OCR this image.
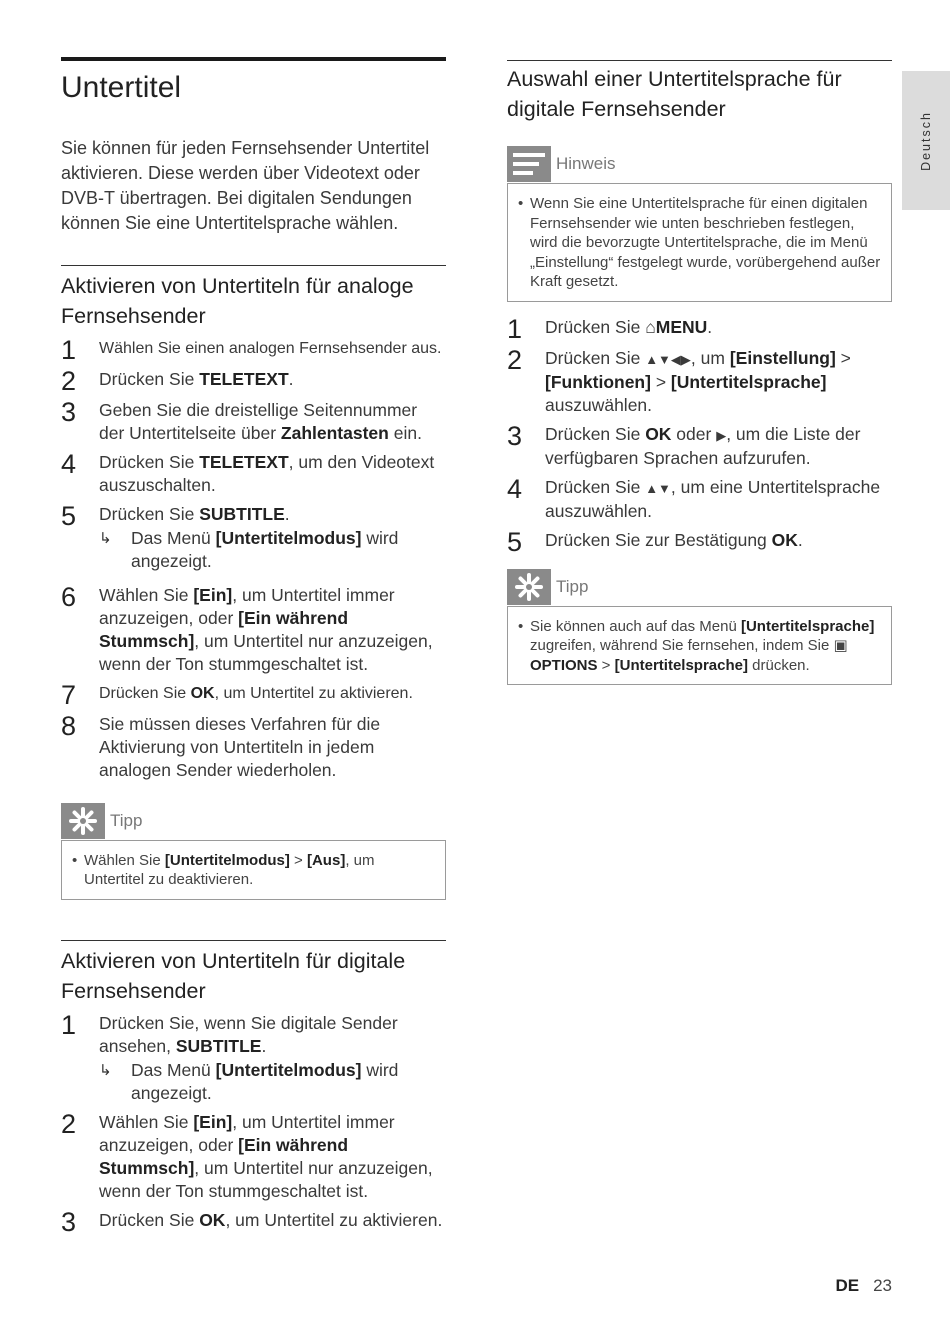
Untertitel

Sie können für jeden Fernsehsender Untertitel aktivieren. Diese werden über Videotext oder DVB-T übertragen. Bei digitalen Sendungen können Sie eine Untertitelsprache wählen.

Aktivieren von Untertiteln für analoge Fernsehsender
1	Wählen Sie einen analogen Fernsehsender aus.
2	Drücken Sie TELETEXT.
3	Geben Sie die dreistellige Seitennummer der Untertitelseite über Zahlentasten ein.
4	Drücken Sie TELETEXT, um den Videotext auszuschalten.
5	Drücken Sie SUBTITLE.
↳	Das Menü [Untertitelmodus] wird angezeigt.
6	Wählen Sie [Ein], um Untertitel immer anzuzeigen, oder [Ein während Stummsch], um Untertitel nur anzuzeigen, wenn der Ton stummgeschaltet ist.
7	Drücken Sie OK, um Untertitel zu aktivieren.
8	Sie müssen dieses Verfahren für die Aktivierung von Untertiteln in jedem analogen Sender wiederholen.
Tipp
• Wählen Sie [Untertitelmodus] > [Aus], um Untertitel zu deaktivieren.
Aktivieren von Untertiteln für digitale Fernsehsender
1	Drücken Sie, wenn Sie digitale Sender ansehen, SUBTITLE.
↳	Das Menü [Untertitelmodus] wird angezeigt.
2	Wählen Sie [Ein], um Untertitel immer anzuzeigen, oder [Ein während Stummsch], um Untertitel nur anzuzeigen, wenn der Ton stummgeschaltet ist.
3	Drücken Sie OK, um Untertitel zu aktivieren.
Auswahl einer Untertitelsprache für digitale Fernsehsender
Hinweis
• Wenn Sie eine Untertitelsprache für einen digitalen Fernsehsender wie unten beschrieben festlegen, wird die bevorzugte Untertitelsprache, die im Menü „Einstellung“ festgelegt wurde, vorübergehend außer Kraft gesetzt.
1	Drücken Sie ⌂MENU.
2	Drücken Sie ▲▼◀▶, um [Einstellung] > [Funktionen] > [Untertitelsprache] auszuwählen.
3	Drücken Sie OK oder ▶, um die Liste der verfügbaren Sprachen aufzurufen.
4	Drücken Sie ▲▼, um eine Untertitelsprache auszuwählen.
5	Drücken Sie zur Bestätigung OK.
Tipp
• Sie können auch auf das Menü [Untertitelsprache] zugreifen, während Sie fernsehen, indem Sie ▣ OPTIONS > [Untertitelsprache] drücken.
Deutsch
DE 23
